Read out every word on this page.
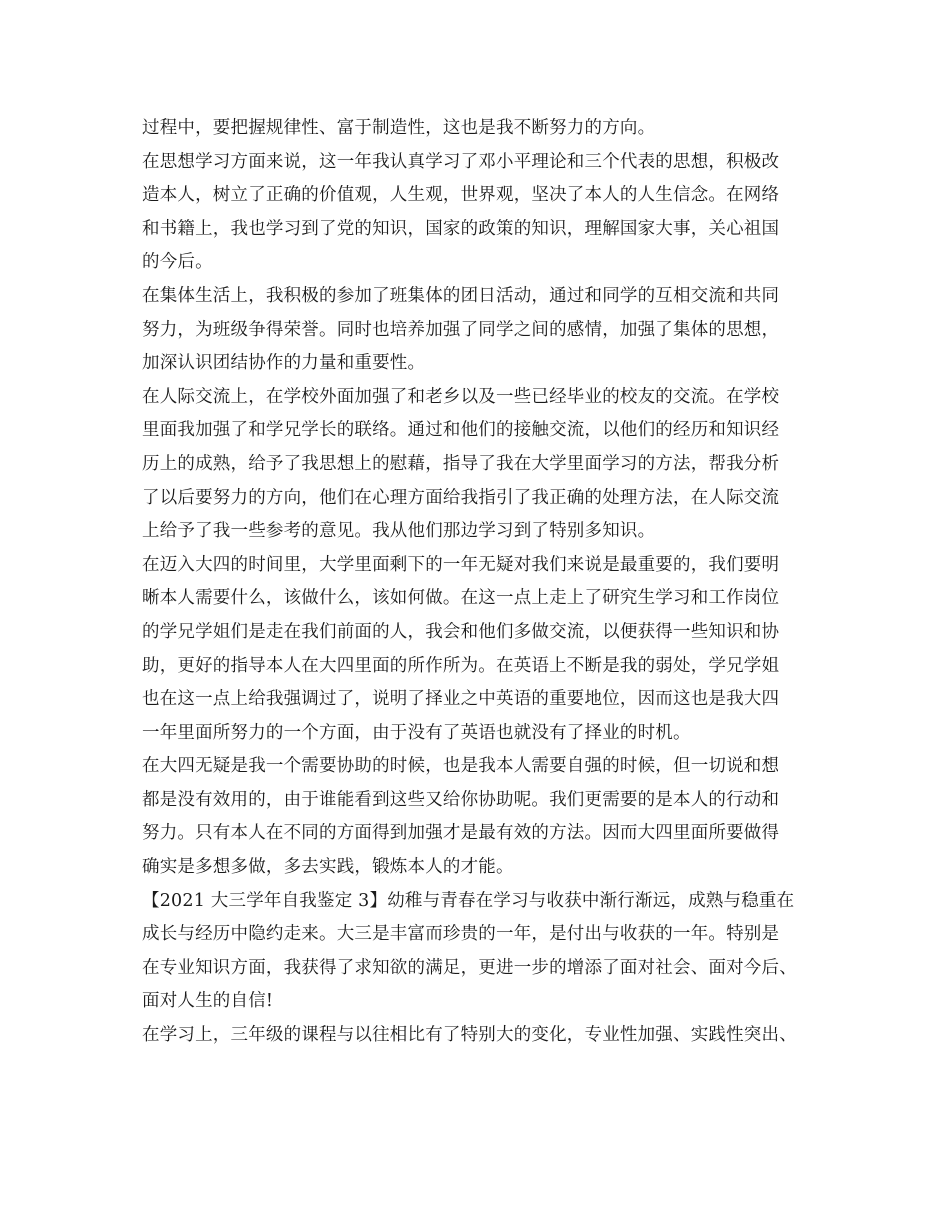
过程中，要把握规律性、富于制造性，这也是我不断努力的方向。
在思想学习方面来说，这一年我认真学习了邓小平理论和三个代表的思想，积极改
造本人，树立了正确的价值观，人生观，世界观，坚决了本人的人生信念。在网络
和书籍上，我也学习到了党的知识，国家的政策的知识，理解国家大事，关心祖国
的今后。
在集体生活上，我积极的参加了班集体的团日活动，通过和同学的互相交流和共同
努力，为班级争得荣誉。同时也培养加强了同学之间的感情，加强了集体的思想，
加深认识团结协作的力量和重要性。
在人际交流上，在学校外面加强了和老乡以及一些已经毕业的校友的交流。在学校
里面我加强了和学兄学长的联络。通过和他们的接触交流，以他们的经历和知识经
历上的成熟，给予了我思想上的慰藉，指导了我在大学里面学习的方法，帮我分析
了以后要努力的方向，他们在心理方面给我指引了我正确的处理方法，在人际交流
上给予了我一些参考的意见。我从他们那边学习到了特别多知识。
在迈入大四的时间里，大学里面剩下的一年无疑对我们来说是最重要的，我们要明
晰本人需要什么，该做什么，该如何做。在这一点上走上了研究生学习和工作岗位
的学兄学姐们是走在我们前面的人，我会和他们多做交流，以便获得一些知识和协
助，更好的指导本人在大四里面的所作所为。在英语上不断是我的弱处，学兄学姐
也在这一点上给我强调过了，说明了择业之中英语的重要地位，因而这也是我大四
一年里面所努力的一个方面，由于没有了英语也就没有了择业的时机。
在大四无疑是我一个需要协助的时候，也是我本人需要自强的时候，但一切说和想
都是没有效用的，由于谁能看到这些又给你协助呢。我们更需要的是本人的行动和
努力。只有本人在不同的方面得到加强才是最有效的方法。因而大四里面所要做得
确实是多想多做，多去实践，锻炼本人的才能。
【2021 大三学年自我鉴定 3】幼稚与青春在学习与收获中渐行渐远，成熟与稳重在
成长与经历中隐约走来。大三是丰富而珍贵的一年，是付出与收获的一年。特别是
在专业知识方面，我获得了求知欲的满足，更进一步的增添了面对社会、面对今后、
面对人生的自信!
在学习上，三年级的课程与以往相比有了特别大的变化，专业性加强、实践性突出、
